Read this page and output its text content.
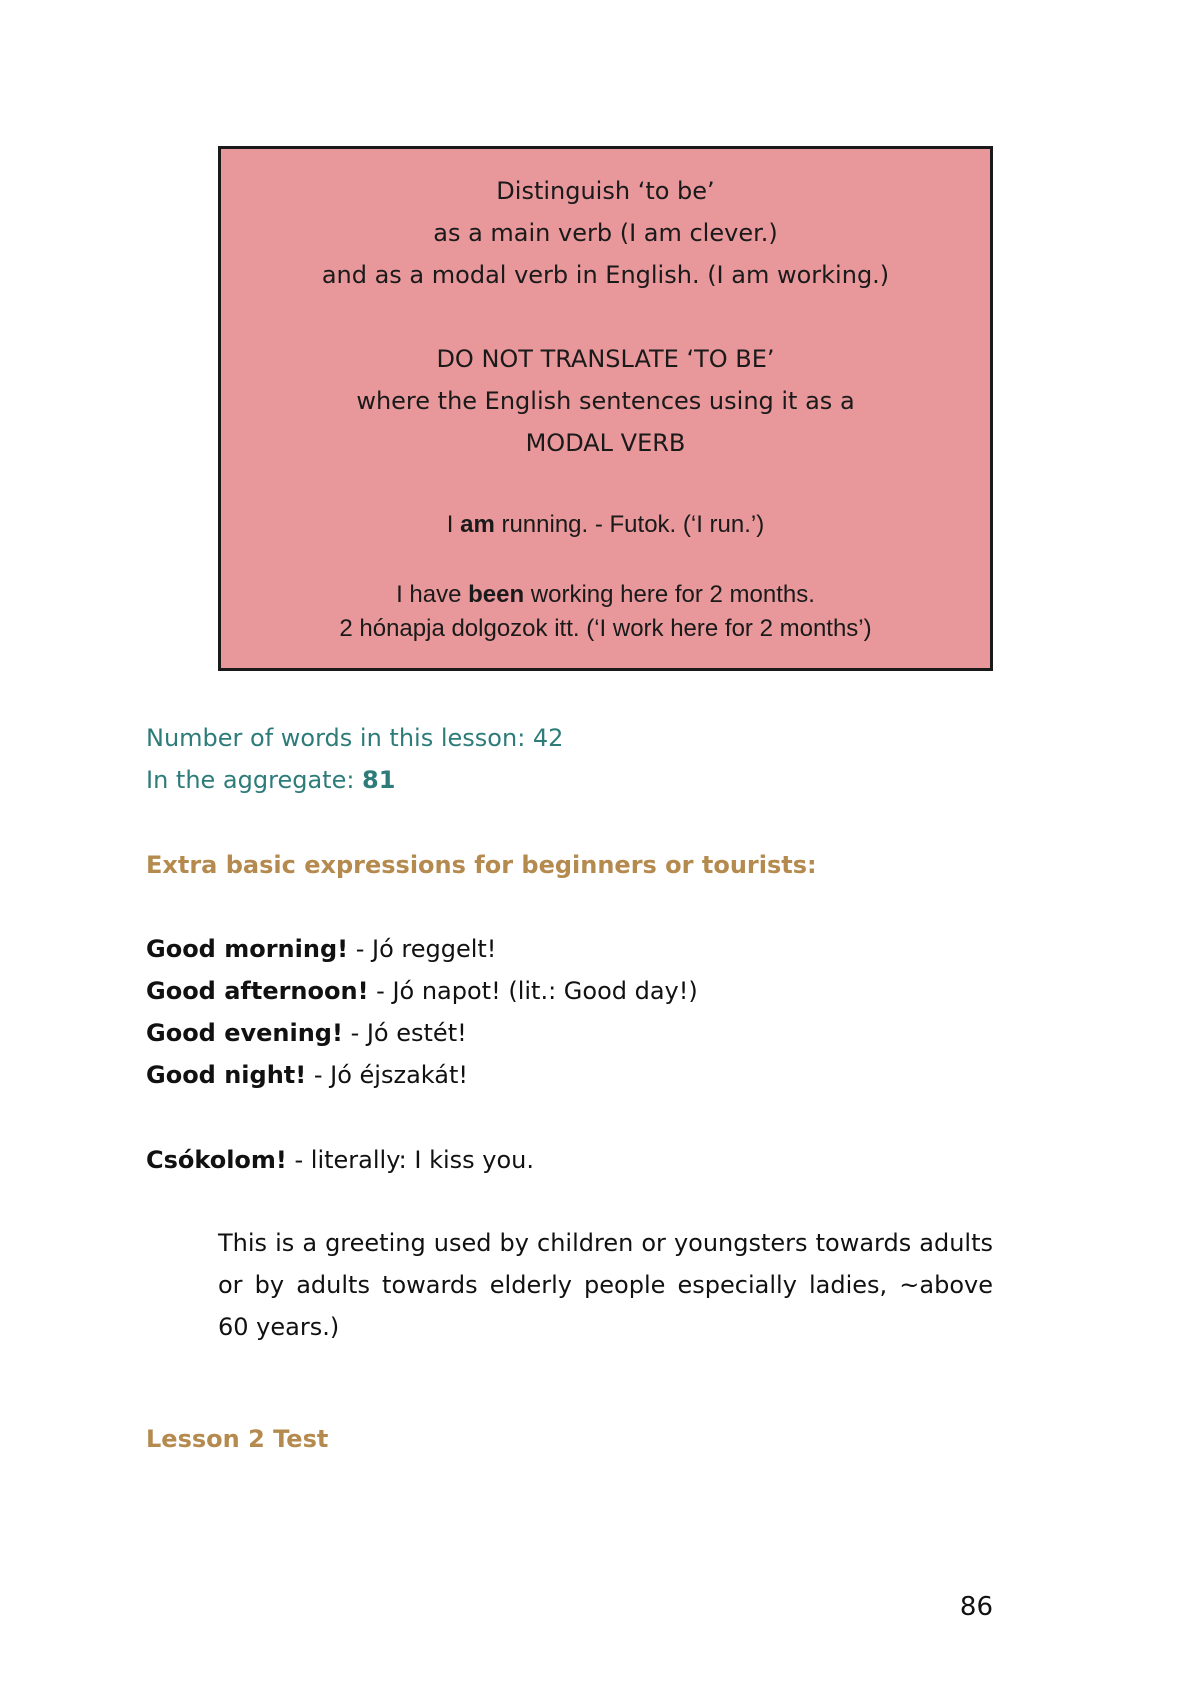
Distinguish ‘to be’
as a main verb (I am clever.)
and as a modal verb in English. (I am working.)
DO NOT TRANSLATE ‘TO BE’
where the English sentences using it as a
MODAL VERB
I am running. - Futok. (‘I run.’)
I have been working here for 2 months.
2 hónapja dolgozok itt. (‘I work here for 2 months’)
Number of words in this lesson: 42
In the aggregate: 81
Extra basic expressions for beginners or tourists:
Good morning! - Jó reggelt!
Good afternoon! - Jó napot! (lit.: Good day!)
Good evening! - Jó estét!
Good night! - Jó éjszakát!
Csókolom! - literally: I kiss you.
This is a greeting used by children or youngsters towards adults or by adults towards elderly people especially ladies, ~above 60 years.)
Lesson 2 Test
86
